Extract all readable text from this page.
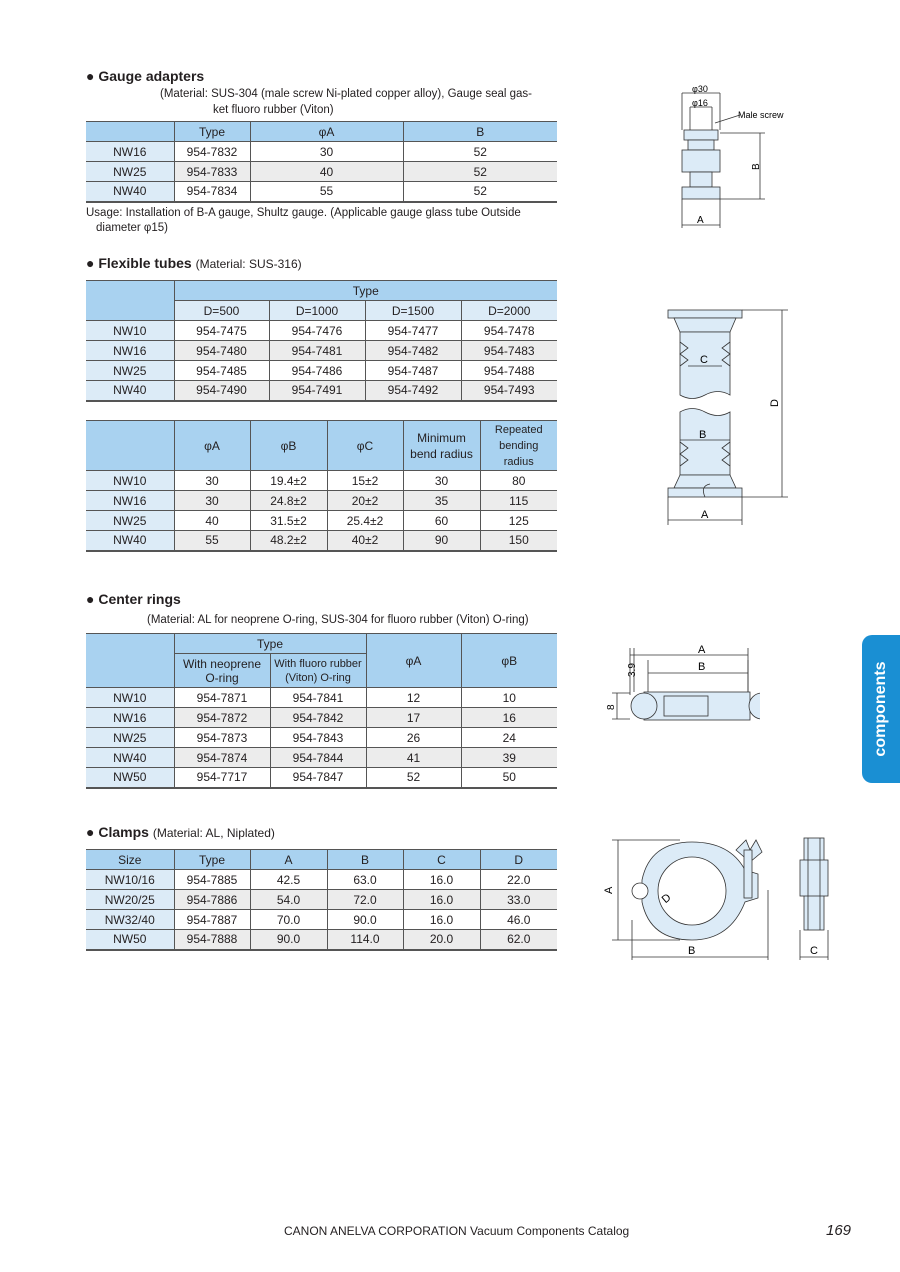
● Gauge adapters
(Material: SUS-304 (male screw Ni-plated copper alloy), Gauge seal gas-
ket fluoro rubber (Viton)
	Type	φA	B
NW16	954-7832	30	52
NW25	954-7833	40	52
NW40	954-7834	55	52
Usage: Installation of B-A gauge, Shultz gauge. (Applicable gauge glass tube Outside
diameter φ15)
φ30
φ16
Male screw
B
A
● Flexible tubes (Material: SUS-316)
	Type			
	D=500	D=1000	D=1500	D=2000
NW10	954-7475	954-7476	954-7477	954-7478
NW16	954-7480	954-7481	954-7482	954-7483
NW25	954-7485	954-7486	954-7487	954-7488
NW40	954-7490	954-7491	954-7492	954-7493
	φA	φB	φC	Minimum
bend radius	Repeated
bending
radius
NW10	30	19.4±2	15±2	30	80
NW16	30	24.8±2	20±2	35	115
NW25	40	31.5±2	25.4±2	60	125
NW40	55	48.2±2	40±2	90	150
C
B
D
A
● Center rings
(Material: AL for neoprene O-ring, SUS-304 for fluoro rubber (Viton) O-ring)
	Type		φA	φB
	With neoprene
O-ring	With fluoro rubber
(Viton) O-ring		
NW10	954-7871	954-7841	12	10
NW16	954-7872	954-7842	17	16
NW25	954-7873	954-7843	26	24
NW40	954-7874	954-7844	41	39
NW50	954-7717	954-7847	52	50
A
B
3.9
8
● Clamps (Material: AL, Niplated)
Size	Type	A	B	C	D
NW10/16	954-7885	42.5	63.0	16.0	22.0
NW20/25	954-7886	54.0	72.0	16.0	33.0
NW32/40	954-7887	70.0	90.0	16.0	46.0
NW50	954-7888	90.0	114.0	20.0	62.0
A
B	C
D
components
CANON ANELVA CORPORATION Vacuum Components Catalog	169
